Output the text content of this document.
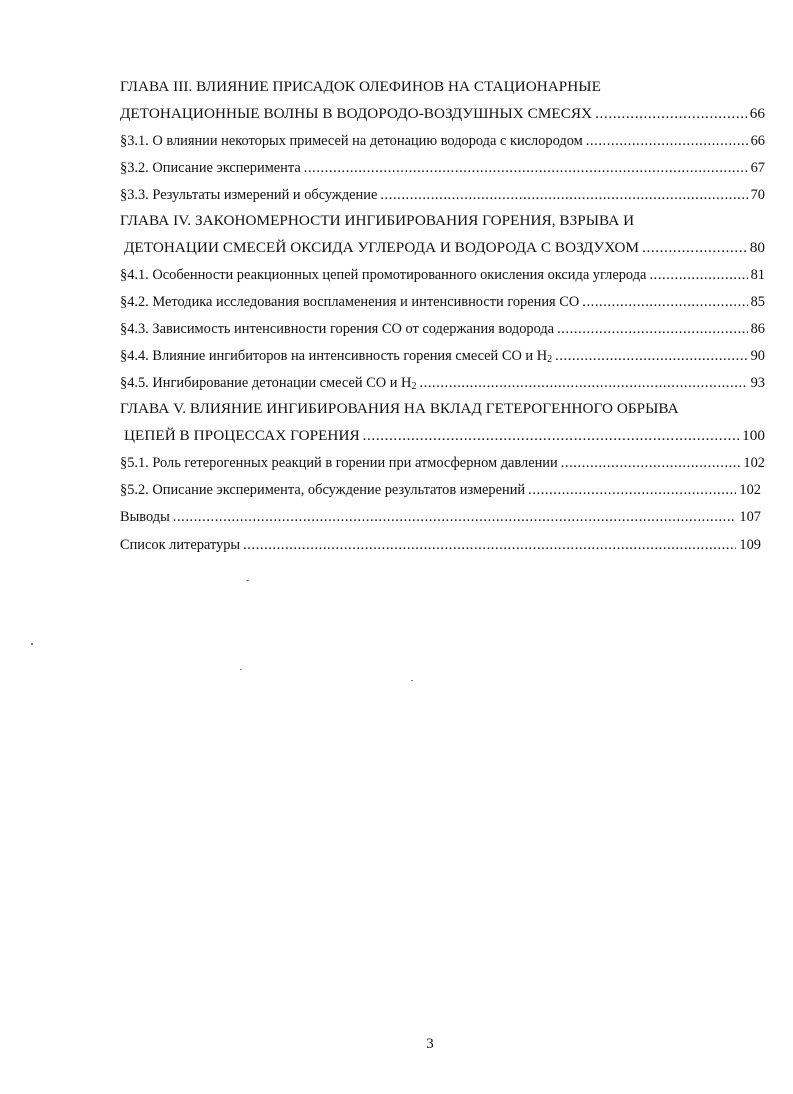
ГЛАВА III. ВЛИЯНИЕ ПРИСАДОК ОЛЕФИНОВ НА СТАЦИОНАРНЫЕ
ДЕТОНАЦИОННЫЕ ВОЛНЫ В ВОДОРОДО-ВОЗДУШНЫХ СМЕСЯХ .....	66
§3.1. О влиянии некоторых примесей на детонацию водорода с кислородом .....	66
§3.2. Описание эксперимента .....	67
§3.3. Результаты измерений и обсуждение .....	70
ГЛАВА IV. ЗАКОНОМЕРНОСТИ ИНГИБИРОВАНИЯ ГОРЕНИЯ, ВЗРЫВА И
ДЕТОНАЦИИ СМЕСЕЙ ОКСИДА УГЛЕРОДА И ВОДОРОДА С ВОЗДУХОМ .....	80
§4.1. Особенности реакционных цепей промотированного окисления оксида углерода .....	81
§4.2. Методика исследования воспламенения и интенсивности горения СО .....	85
§4.3. Зависимость интенсивности горения СО от содержания водорода .....	86
§4.4. Влияние ингибиторов на интенсивность горения смесей СО и $Н_2$ .....	90
§4.5. Ингибирование детонации смесей СО и $Н_2$ .....	93
ГЛАВА V. ВЛИЯНИЕ ИНГИБИРОВАНИЯ НА ВКЛАД ГЕТЕРОГЕННОГО ОБРЫВА
ЦЕПЕЙ В ПРОЦЕССАХ ГОРЕНИЯ .....	100
§5.1. Роль гетерогенных реакций в горении при атмосферном давлении .....	102
§5.2. Описание эксперимента, обсуждение результатов измерений .....	102
Выводы .....	107
Список литературы .....	109
3
